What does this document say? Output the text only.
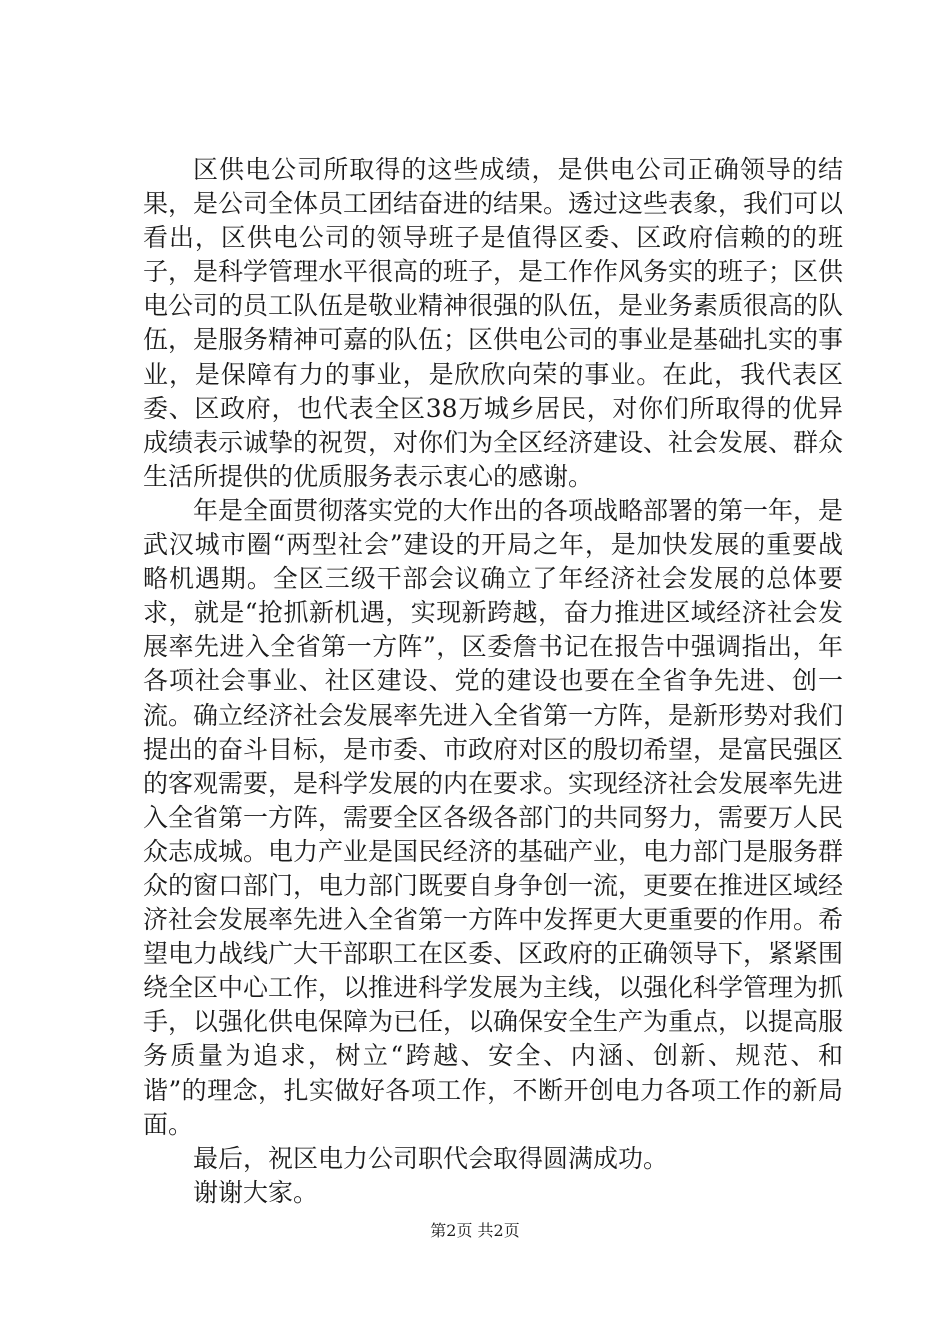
区供电公司所取得的这些成绩，是供电公司正确领导的结果，是公司全体员工团结奋进的结果。透过这些表象，我们可以看出，区供电公司的领导班子是值得区委、区政府信赖的的班子，是科学管理水平很高的班子，是工作作风务实的班子；区供电公司的员工队伍是敬业精神很强的队伍，是业务素质很高的队伍，是服务精神可嘉的队伍；区供电公司的事业是基础扎实的事业，是保障有力的事业，是欣欣向荣的事业。在此，我代表区委、区政府，也代表全区38万城乡居民，对你们所取得的优异成绩表示诚挚的祝贺，对你们为全区经济建设、社会发展、群众生活所提供的优质服务表示衷心的感谢。

年是全面贯彻落实党的大作出的各项战略部署的第一年，是武汉城市圈“两型社会”建设的开局之年，是加快发展的重要战略机遇期。全区三级干部会议确立了年经济社会发展的总体要求，就是“抢抓新机遇，实现新跨越，奋力推进区域经济社会发展率先进入全省第一方阵”，区委詹书记在报告中强调指出，年各项社会事业、社区建设、党的建设也要在全省争先进、创一流。确立经济社会发展率先进入全省第一方阵，是新形势对我们提出的奋斗目标，是市委、市政府对区的殷切希望，是富民强区的客观需要，是科学发展的内在要求。实现经济社会发展率先进入全省第一方阵，需要全区各级各部门的共同努力，需要万人民众志成城。电力产业是国民经济的基础产业，电力部门是服务群众的窗口部门，电力部门既要自身争创一流，更要在推进区域经济社会发展率先进入全省第一方阵中发挥更大更重要的作用。希望电力战线广大干部职工在区委、区政府的正确领导下，紧紧围绕全区中心工作，以推进科学发展为主线，以强化科学管理为抓手，以强化供电保障为已任，以确保安全生产为重点，以提高服务质量为追求，树立“跨越、安全、内涵、创新、规范、和谐”的理念，扎实做好各项工作，不断开创电力各项工作的新局面。

最后，祝区电力公司职代会取得圆满成功。

谢谢大家。

第2页 共2页
